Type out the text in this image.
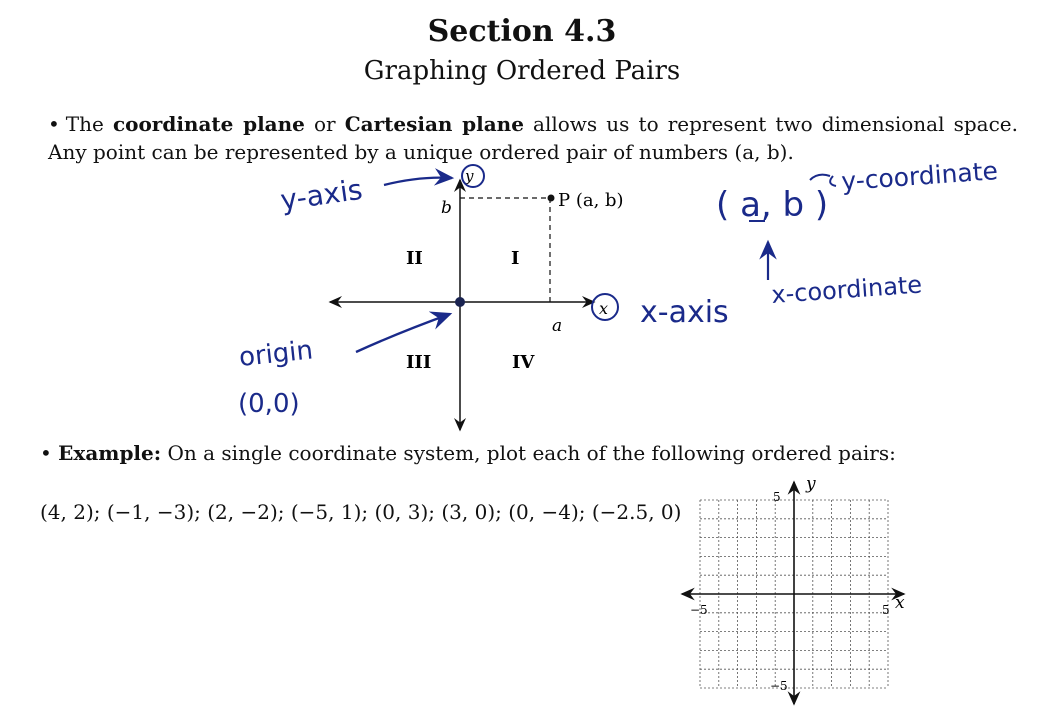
Section 4.3
Graphing Ordered Pairs
• The coordinate plane or Cartesian plane allows us to represent two dimensional space. Any point can be represented by a unique ordered pair of numbers (a, b).
P (a, b)
b
a
x
y
I
II
III	IV
y-axis
x-axis
origin
(0,0)
( a, b )
y-coordinate
x-coordinate
−5	5
5
−5
x
y
• Example: On a single coordinate system, plot each of the following ordered pairs:
(4, 2); (−1, −3); (2, −2); (−5, 1); (0, 3); (3, 0); (0, −4); (−2.5, 0)
